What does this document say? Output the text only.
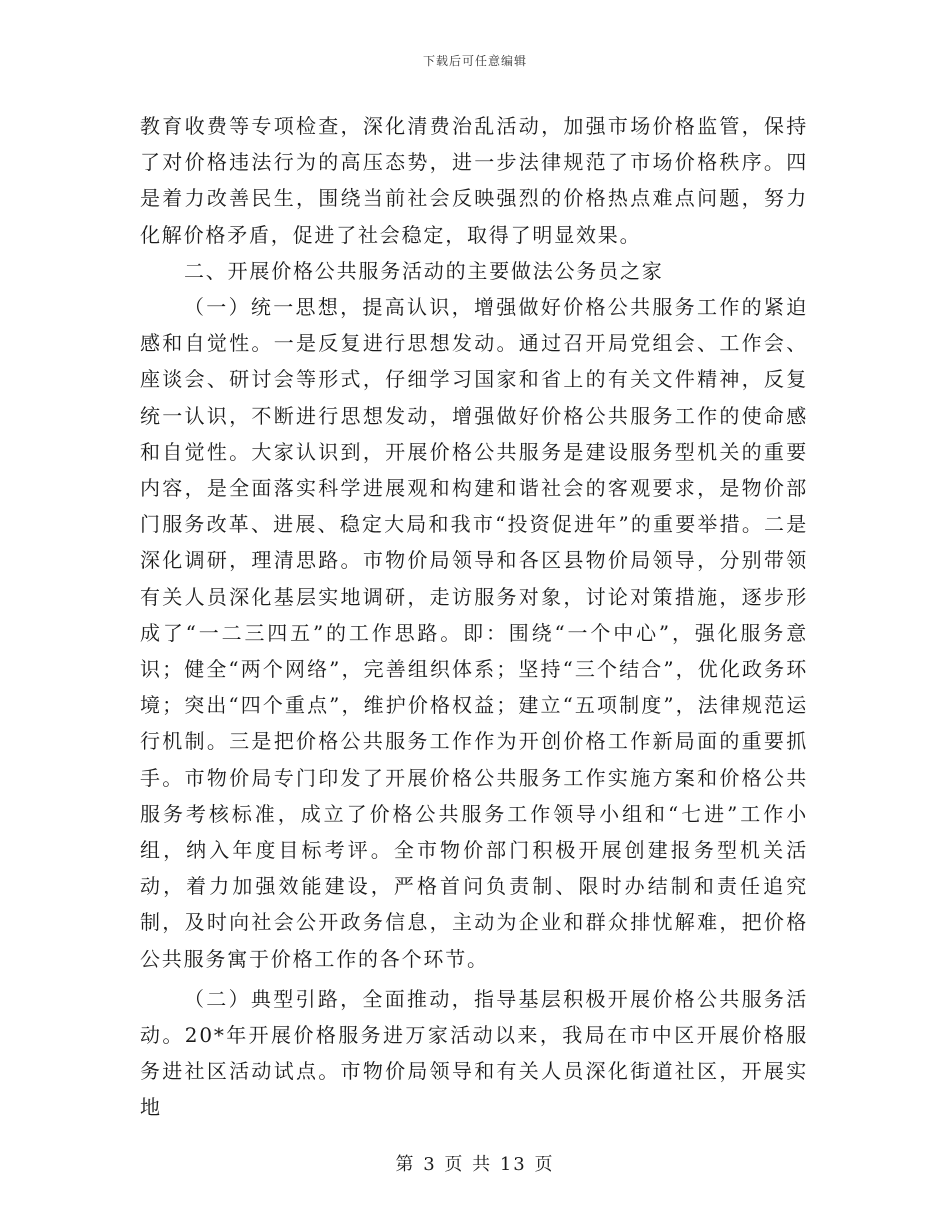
下载后可任意编辑

教育收费等专项检查，深化清费治乱活动，加强市场价格监管，保持了对价格违法行为的高压态势，进一步法律规范了市场价格秩序。四是着力改善民生，围绕当前社会反映强烈的价格热点难点问题，努力化解价格矛盾，促进了社会稳定，取得了明显效果。

二、开展价格公共服务活动的主要做法公务员之家

（一）统一思想，提高认识，增强做好价格公共服务工作的紧迫感和自觉性。一是反复进行思想发动。通过召开局党组会、工作会、座谈会、研讨会等形式，仔细学习国家和省上的有关文件精神，反复统一认识，不断进行思想发动，增强做好价格公共服务工作的使命感和自觉性。大家认识到，开展价格公共服务是建设服务型机关的重要内容，是全面落实科学进展观和构建和谐社会的客观要求，是物价部门服务改革、进展、稳定大局和我市“投资促进年”的重要举措。二是深化调研，理清思路。市物价局领导和各区县物价局领导，分别带领有关人员深化基层实地调研，走访服务对象，讨论对策措施，逐步形成了“一二三四五”的工作思路。即：围绕“一个中心”，强化服务意识；健全“两个网络”，完善组织体系；坚持“三个结合”，优化政务环境；突出“四个重点”，维护价格权益；建立“五项制度”，法律规范运行机制。三是把价格公共服务工作作为开创价格工作新局面的重要抓手。市物价局专门印发了开展价格公共服务工作实施方案和价格公共服务考核标准，成立了价格公共服务工作领导小组和“七进”工作小组，纳入年度目标考评。全市物价部门积极开展创建报务型机关活动，着力加强效能建设，严格首问负责制、限时办结制和责任追究制，及时向社会公开政务信息，主动为企业和群众排忧解难，把价格公共服务寓于价格工作的各个环节。

（二）典型引路，全面推动，指导基层积极开展价格公共服务活动。20*年开展价格服务进万家活动以来，我局在市中区开展价格服务进社区活动试点。市物价局领导和有关人员深化街道社区，开展实地

第 3 页 共 13 页
